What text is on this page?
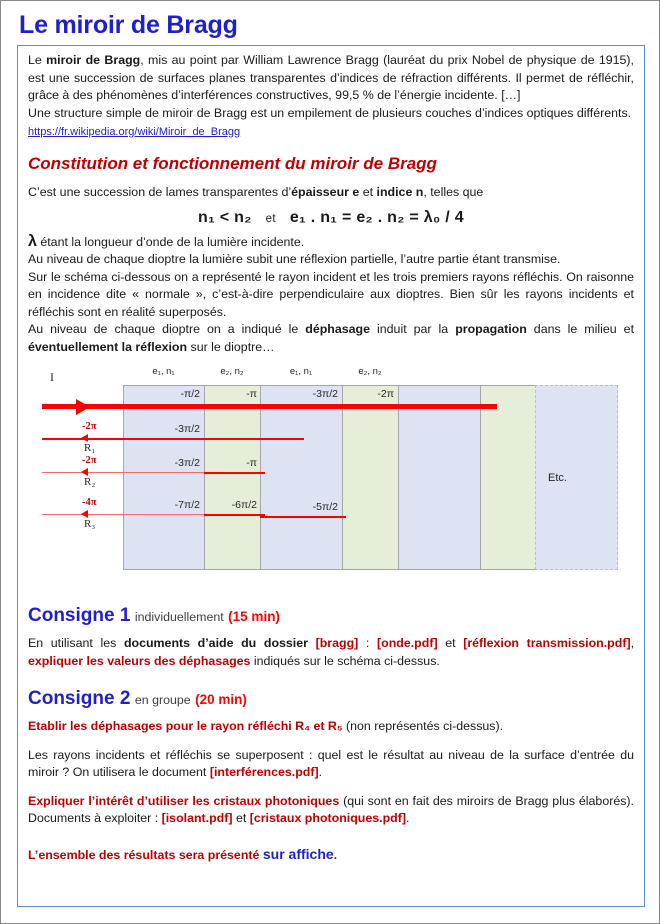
Le miroir de Bragg

Le miroir de Bragg, mis au point par William Lawrence Bragg (lauréat du prix Nobel de physique de 1915), est une succession de surfaces planes transparentes d’indices de réfraction différents. Il permet de réfléchir, grâce à des phénomènes d’interférences constructives, 99,5 % de l’énergie incidente. […]

Une structure simple de miroir de Bragg est un empilement de plusieurs couches d’indices optiques différents.

https://fr.wikipedia.org/wiki/Miroir_de_Bragg
Constitution et fonctionnement du miroir de Bragg

C’est une succession de lames transparentes d’épaisseur e et indice n, telles que

n₁ < n₂ et e₁ . n₁ = e₂ . n₂ = λ₀ / 4

λ étant la longueur d’onde de la lumière incidente.

Au niveau de chaque dioptre la lumière subit une réflexion partielle, l’autre partie étant transmise.

Sur le schéma ci-dessous on a représenté le rayon incident et les trois premiers rayons réfléchis. On raisonne en incidence dite « normale », c’est-à-dire perpendiculaire aux dioptres. Bien sûr les rayons incidents et réfléchis sont en réalité superposés.

Au niveau de chaque dioptre on a indiqué le déphasage induit par la propagation dans le milieu et éventuellement la réflexion sur le dioptre…

e₁, n₁	e₂, n₂	e₁, n₁	e₂, n₂
I
-π/2	-π	-3π/2	-2π
-2π
R₁
-3π/2
-2π
R₂
-3π/2	-π
-4π
R₃
-7π/2	-6π/2	-5π/2
Etc.
Consigne 1 individuellement (15 min)

En utilisant les documents d’aide du dossier [bragg] : [onde.pdf] et [réflexion transmission.pdf], expliquer les valeurs des déphasages indiqués sur le schéma ci-dessus.

Consigne 2 en groupe (20 min)

Etablir les déphasages pour le rayon réfléchi R₄ et R₅ (non représentés ci-dessus).

Les rayons incidents et réfléchis se superposent : quel est le résultat au niveau de la surface d’entrée du miroir ? On utilisera le document [interférences.pdf].

Expliquer l’intérêt d’utiliser les cristaux photoniques (qui sont en fait des miroirs de Bragg plus élaborés). Documents à exploiter : [isolant.pdf] et [cristaux photoniques.pdf].

L’ensemble des résultats sera présenté sur affiche.
